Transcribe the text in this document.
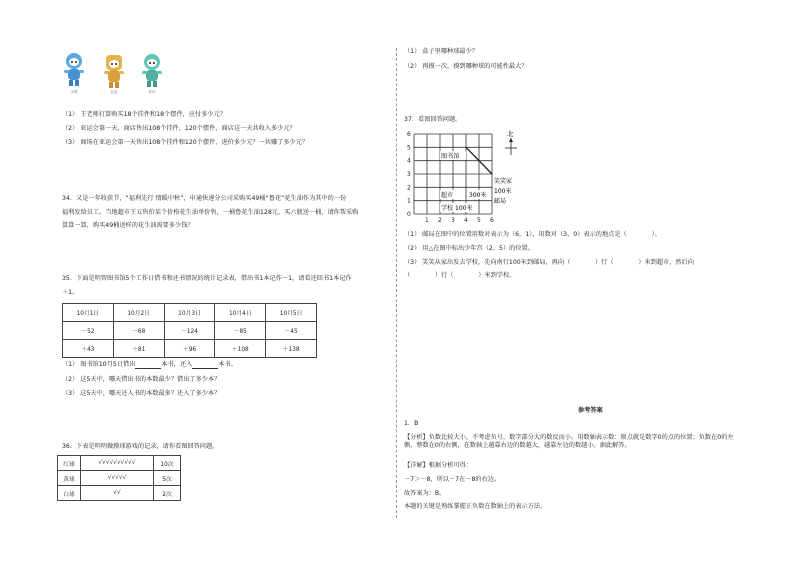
冰墩	宸宸	琮琮
（1） 王老师打算购买18个挂件和18个摆件，应付多少元？
（2） 亚运会第一天，商店售出108个挂件，120个摆件，商店这一天共收入多少元？
（3） 商场在亚运会第一天售出108个挂件和120个摆件，进价多少元？一共赚了多少元？
34．又是一年收获节，“福利先行 情暖中秋”，申通快递分公司采购买49桶“鲁花”花生油作为其中的一份
福利发给员工。当地超市王五售价某个价格花生油单价售，一桶鲁花生油128元，买六瓶送一桶，请你帮采购
算算一算，购买49桶送样的花生油需要多少钱？
35．下面是明智图书馆5个工作日借书和还书情况的统计记录表，借出书1本记作－1，请看还回书1本记作
＋1。
10月1日	10月2日	10月3日	10月4日	10月5日
－52	－68	－124	－85	－45
＋43	＋81	＋96	＋108	＋138
（1） 图书馆10月5日借出	本书，还入	本书。
（2） 这5天中，哪天借出书的本数最少？借出了多少本？
（3） 这5天中，哪天还入书的本数最多？还入了多少本？
36．下表是明明做摸球游戏的记录，请你看图回答问题。
红球	√√√√√√√√√√	10次
黄球	√√√√√	5次
白球	√√	2次
（1） 盒子里哪种球最少？
（2） 再摸一次，摸到哪种球的可能性最大？
37．看图回答问题。
6
5
4
3
2
1
0
1 2 3 4 5 6
图书馆
笑笑家
100米
邮局
超市	300米
学校 100米
北
（1） 邮局在图中的位置用数对表示为（6，1），用数对（3，0）表示的地点是（　　　　）。
（2） 用△在图中标出少年宫（2，5）的位置。
（3） 笑笑从家出发去学校，先向南行100米到邮局，再向（　　　　）行（　　　　）米到超市，然后向
（　　　　）行（　　　　）米到学校。
参考答案
1．B
【分析】负数比较大小，不考虑负号，数字部分大的数反而小。用数轴表示数：原点就是数字0的点的位置；负数在0的左侧，整数在0的右侧，在数轴上越靠右边的数越大，越靠左边的数越小。据此解答。
【详解】根据分析可得：
－7＞－8，所以－7在－8的右边。
故答案为：B。
本题的关键是熟练掌握正负数在数轴上的表示方法。
